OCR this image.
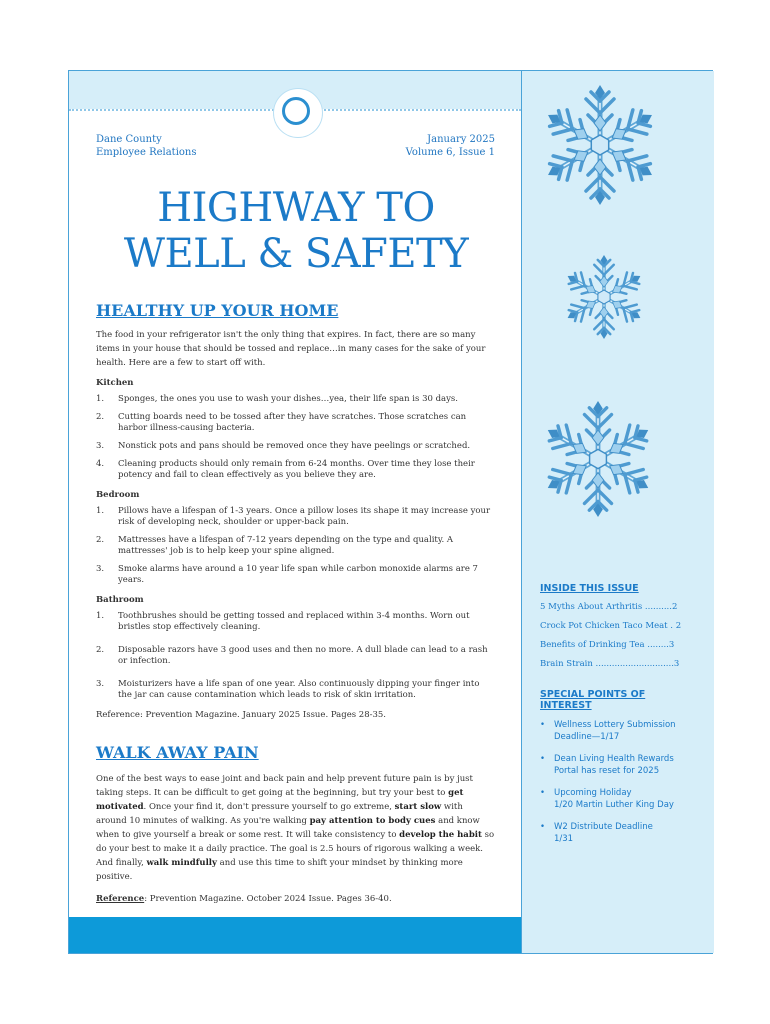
Dane County
Employee Relations
January 2025
Volume 6, Issue 1
HIGHWAY TO
WELL & SAFETY
HEALTHY UP YOUR HOME
The food in your refrigerator isn't the only thing that expires. In fact, there are so many items in your house that should be tossed and replace…in many cases for the sake of your health. Here are a few to start off with.
Kitchen
1. Sponges, the ones you use to wash your dishes…yea, their life span is 30 days.
2. Cutting boards need to be tossed after they have scratches. Those scratches can harbor illness-causing bacteria.
3. Nonstick pots and pans should be removed once they have peelings or scratched.
4. Cleaning products should only remain from 6-24 months. Over time they lose their potency and fail to clean effectively as you believe they are.
Bedroom
1. Pillows have a lifespan of 1-3 years. Once a pillow loses its shape it may increase your risk of developing neck, shoulder or upper-back pain.
2. Mattresses have a lifespan of 7-12 years depending on the type and quality. A mattresses' job is to help keep your spine aligned.
3. Smoke alarms have around a 10 year life span while carbon monoxide alarms are 7 years.
Bathroom
1. Toothbrushes should be getting tossed and replaced within 3-4 months. Worn out bristles stop effectively cleaning.
2. Disposable razors have 3 good uses and then no more. A dull blade can lead to a rash or infection.
3. Moisturizers have a life span of one year. Also continuously dipping your finger into the jar can cause contamination which leads to risk of skin irritation.
Reference: Prevention Magazine. January 2025 Issue. Pages 28-35.
WALK AWAY PAIN
One of the best ways to ease joint and back pain and help prevent future pain is by just taking steps. It can be difficult to get going at the beginning, but try your best to get motivated. Once your find it, don't pressure yourself to go extreme, start slow with around 10 minutes of walking. As you're walking pay attention to body cues and know when to give yourself a break or some rest. It will take consistency to develop the habit so do your best to make it a daily practice. The goal is 2.5 hours of rigorous walking a week. And finally, walk mindfully and use this time to shift your mindset by thinking more positive.
Reference: Prevention Magazine. October 2024 Issue. Pages 36-40.
INSIDE THIS ISSUE
5 Myths About Arthritis ..........2
Crock Pot Chicken Taco Meat . 2
Benefits of Drinking Tea ........3
Brain Strain .............................3
SPECIAL POINTS OF
INTEREST
• Wellness Lottery Submission
Deadline—1/17
• Dean Living Health Rewards
Portal has reset for 2025
• Upcoming Holiday
1/20 Martin Luther King Day
• W2 Distribute Deadline
1/31
